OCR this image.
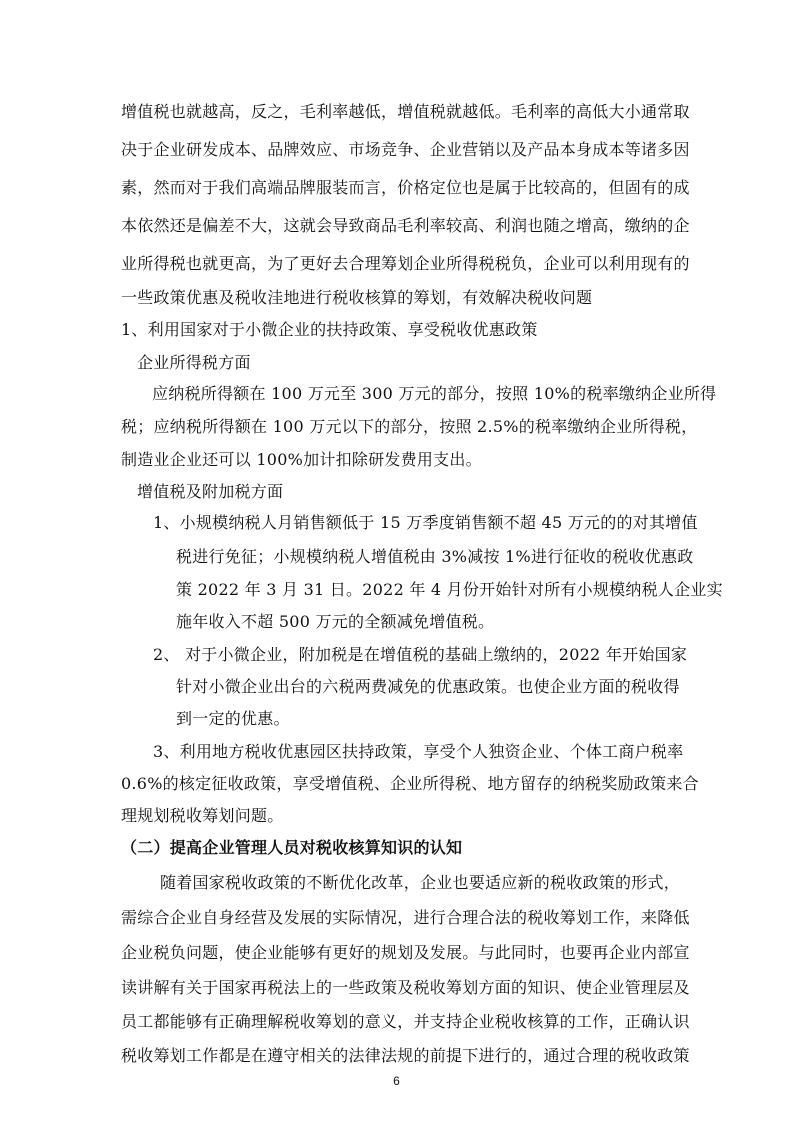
增值税也就越高，反之，毛利率越低，增值税就越低。毛利率的高低大小通常取
决于企业研发成本、品牌效应、市场竞争、企业营销以及产品本身成本等诸多因
素，然而对于我们高端品牌服装而言，价格定位也是属于比较高的，但固有的成
本依然还是偏差不大，这就会导致商品毛利率较高、利润也随之增高，缴纳的企
业所得税也就更高，为了更好去合理筹划企业所得税税负，企业可以利用现有的
一些政策优惠及税收洼地进行税收核算的筹划，有效解决税收问题
1、利用国家对于小微企业的扶持政策、享受税收优惠政策
企业所得税方面
应纳税所得额在 100 万元至 300 万元的部分，按照 10%的税率缴纳企业所得
税；应纳税所得额在 100 万元以下的部分，按照 2.5%的税率缴纳企业所得税，
制造业企业还可以 100%加计扣除研发费用支出。
增值税及附加税方面
1、小规模纳税人月销售额低于 15 万季度销售额不超 45 万元的的对其增值
税进行免征；小规模纳税人增值税由 3%减按 1%进行征收的税收优惠政
策 2022 年 3 月 31 日。2022 年 4 月份开始针对所有小规模纳税人企业实
施年收入不超 500 万元的全额减免增值税。
2、 对于小微企业，附加税是在增值税的基础上缴纳的，2022 年开始国家
针对小微企业出台的六税两费减免的优惠政策。也使企业方面的税收得
到一定的优惠。
3、利用地方税收优惠园区扶持政策，享受个人独资企业、个体工商户税率
0.6%的核定征收政策，享受增值税、企业所得税、地方留存的纳税奖励政策来合
理规划税收筹划问题。
（二）提高企业管理人员对税收核算知识的认知
随着国家税收政策的不断优化改革，企业也要适应新的税收政策的形式，
需综合企业自身经营及发展的实际情况，进行合理合法的税收筹划工作，来降低
企业税负问题，使企业能够有更好的规划及发展。与此同时，也要再企业内部宣
读讲解有关于国家再税法上的一些政策及税收筹划方面的知识、使企业管理层及
员工都能够有正确理解税收筹划的意义，并支持企业税收核算的工作，正确认识
税收筹划工作都是在遵守相关的法律法规的前提下进行的，通过合理的税收政策
6
